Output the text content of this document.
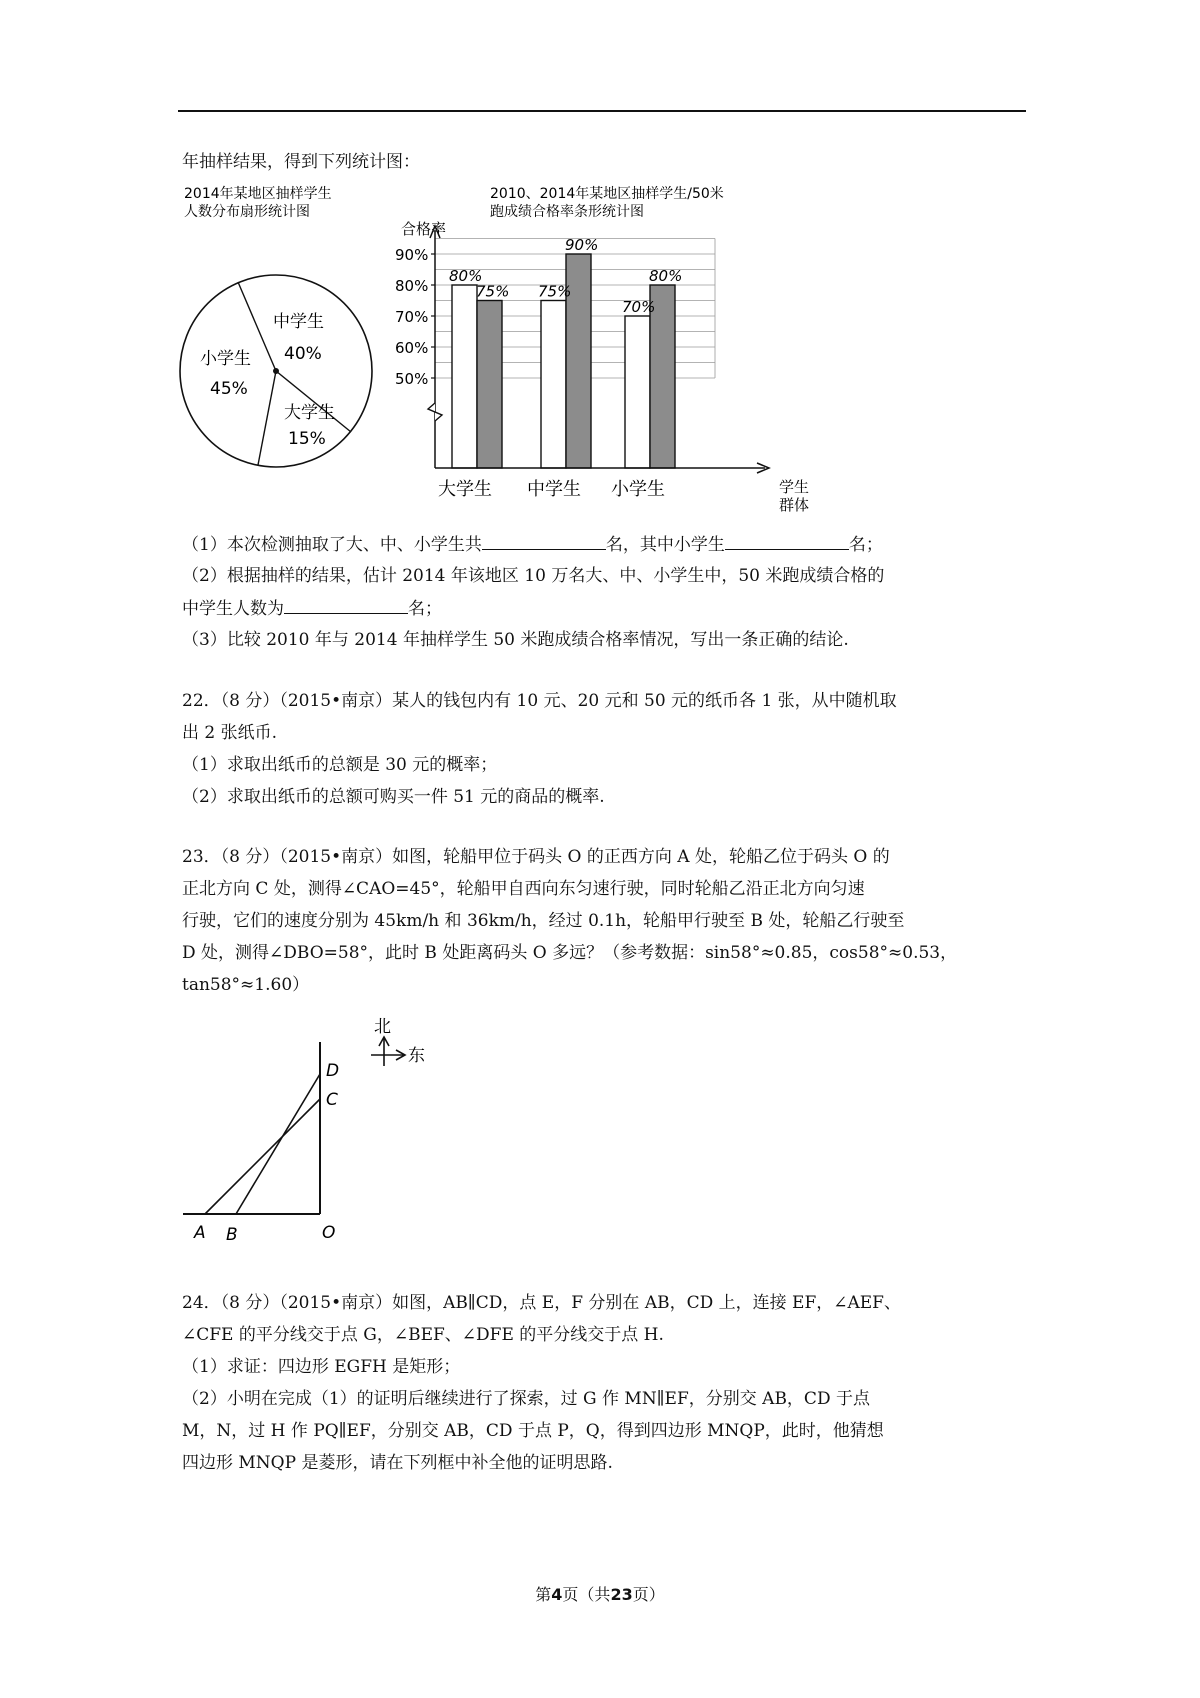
年抽样结果，得到下列统计图：
2014年某地区抽样学生
人数分布扇形统计图
中学生
40%
小学生
45%
大学生
15%
2010、2014年某地区抽样学生/50米
跑成绩合格率条形统计图
合格率
学生
群体
50%
60%
70%
80%
90%
80%
75% 75%
90%
70%
80%
大学生 中学生 小学生
（1）本次检测抽取了大、中、小学生共	名，其中小学生	名；
（2）根据抽样的结果，估计 2014 年该地区 10 万名大、中、小学生中，50 米跑成绩合格的
中学生人数为	名；
（3）比较 2010 年与 2014 年抽样学生 50 米跑成绩合格率情况，写出一条正确的结论.
22．（8 分）（2015•南京）某人的钱包内有 10 元、20 元和 50 元的纸币各 1 张，从中随机取
出 2 张纸币.
（1）求取出纸币的总额是 30 元的概率；
（2）求取出纸币的总额可购买一件 51 元的商品的概率.
23．（8 分）（2015•南京）如图，轮船甲位于码头 O 的正西方向 A 处，轮船乙位于码头 O 的
正北方向 C 处，测得∠CAO=45°，轮船甲自西向东匀速行驶，同时轮船乙沿正北方向匀速
行驶，它们的速度分别为 45km/h 和 36km/h，经过 0.1h，轮船甲行驶至 B 处，轮船乙行驶至
D 处，测得∠DBO=58°，此时 B 处距离码头 O 多远？（参考数据：sin58°≈0.85，cos58°≈0.53，
tan58°≈1.60）
北
东
A B	O
D
C
24．（8 分）（2015•南京）如图，AB∥CD，点 E，F 分别在 AB，CD 上，连接 EF，∠AEF、
∠CFE 的平分线交于点 G，∠BEF、∠DFE 的平分线交于点 H.
（1）求证：四边形 EGFH 是矩形；
（2）小明在完成（1）的证明后继续进行了探索，过 G 作 MN∥EF，分别交 AB，CD 于点
M，N，过 H 作 PQ∥EF，分别交 AB，CD 于点 P，Q，得到四边形 MNQP，此时，他猜想
四边形 MNQP 是菱形，请在下列框中补全他的证明思路.
第4页（共23页）
